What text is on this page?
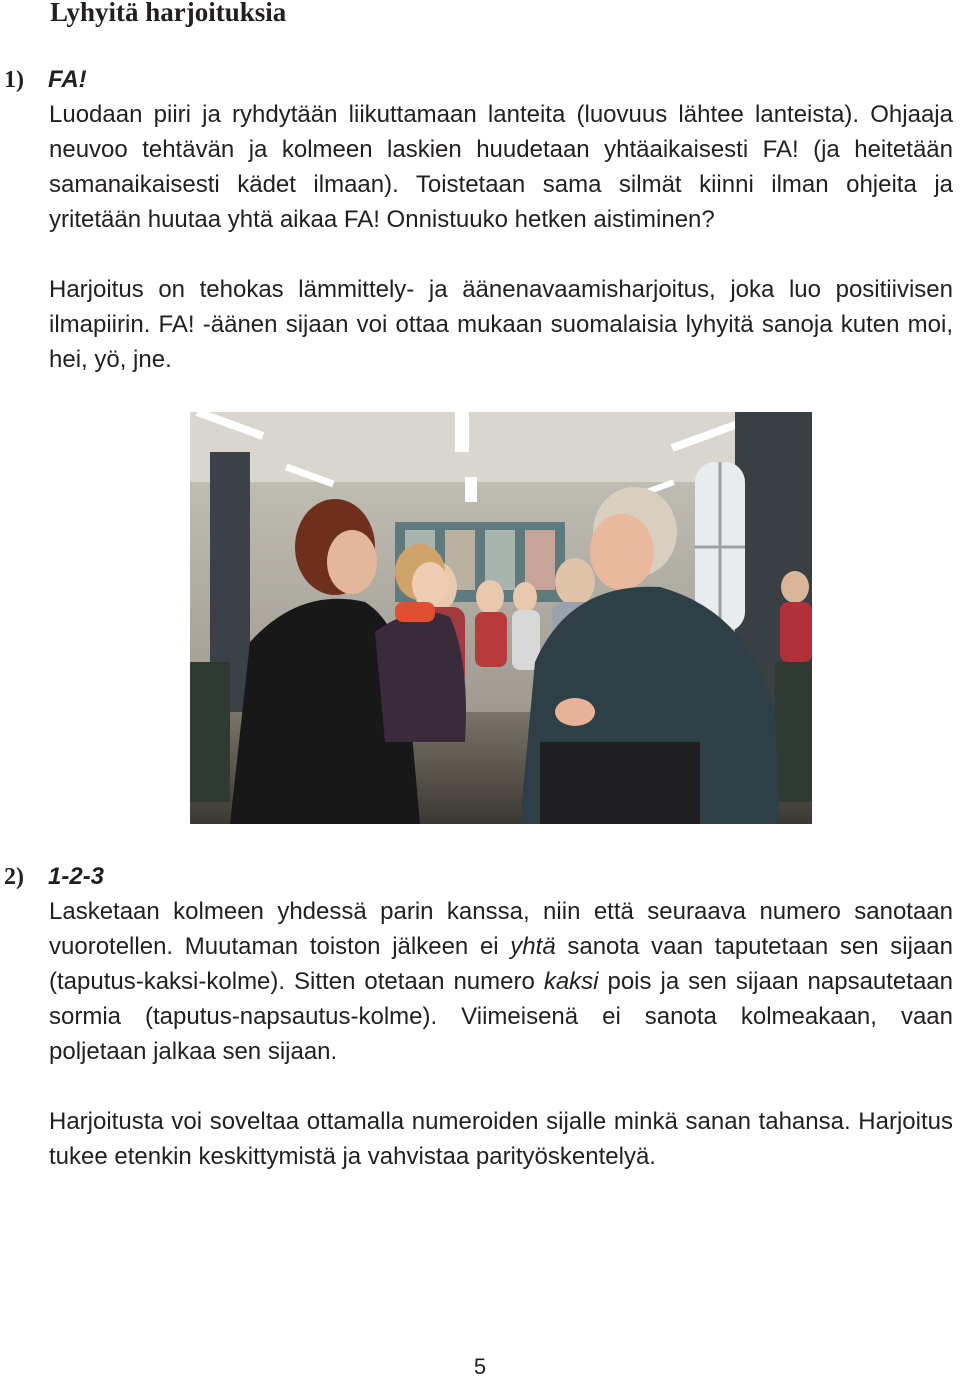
Lyhyitä harjoituksia
1) FA!
Luodaan piiri ja ryhdytään liikuttamaan lanteita (luovuus lähtee lanteista). Ohjaaja neuvoo tehtävän ja kolmeen laskien huudetaan yhtäaikaisesti FA! (ja heitetään samanaikaisesti kädet ilmaan). Toistetaan sama silmät kiinni ilman ohjeita ja yritetään huutaa yhtä aikaa FA! Onnistuuko hetken aistiminen?
Harjoitus on tehokas lämmittely- ja äänenavaamisharjoitus, joka luo positiivisen ilmapiirin. FA! -äänen sijaan voi ottaa mukaan suomalaisia lyhyitä sanoja kuten moi, hei, yö, jne.
2) 1-2-3
Lasketaan kolmeen yhdessä parin kanssa, niin että seuraava numero sanotaan vuorotellen. Muutaman toiston jälkeen ei yhtä sanota vaan taputetaan sen sijaan (taputus-kaksi-kolme). Sitten otetaan numero kaksi pois ja sen sijaan napsautetaan sormia (taputus-napsautus-kolme). Viimeisenä ei sanota kolmeakaan, vaan poljetaan jalkaa sen sijaan.
Harjoitusta voi soveltaa ottamalla numeroiden sijalle minkä sanan tahansa. Harjoitus tukee etenkin keskittymistä ja vahvistaa parityöskentelyä.
5
